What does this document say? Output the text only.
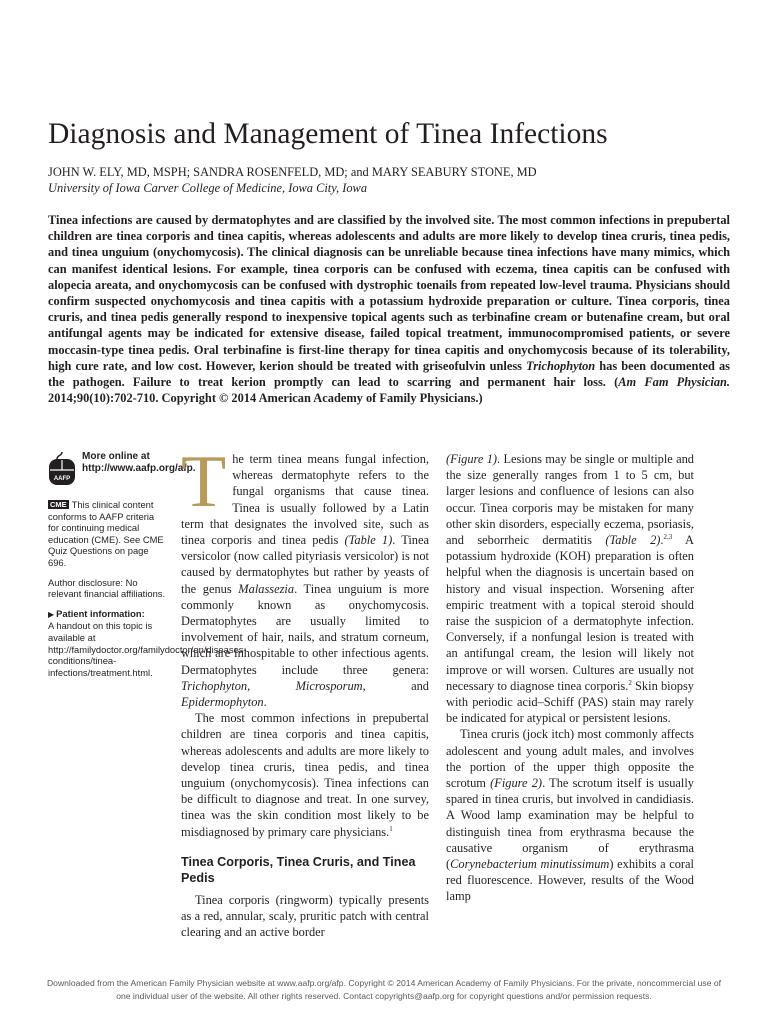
Diagnosis and Management of Tinea Infections
JOHN W. ELY, MD, MSPH; SANDRA ROSENFELD, MD; and MARY SEABURY STONE, MD
University of Iowa Carver College of Medicine, Iowa City, Iowa

Tinea infections are caused by dermatophytes and are classified by the involved site. The most common infections in prepubertal children are tinea corporis and tinea capitis, whereas adolescents and adults are more likely to develop tinea cruris, tinea pedis, and tinea unguium (onychomycosis). The clinical diagnosis can be unreliable because tinea infections have many mimics, which can manifest identical lesions. For example, tinea corporis can be confused with eczema, tinea capitis can be confused with alopecia areata, and onychomycosis can be confused with dystrophic toenails from repeated low-level trauma. Physicians should confirm suspected onychomycosis and tinea capitis with a potassium hydroxide preparation or culture. Tinea corporis, tinea cruris, and tinea pedis generally respond to inexpensive topical agents such as terbinafine cream or butenafine cream, but oral antifungal agents may be indicated for extensive disease, failed topical treatment, immunocompromised patients, or severe moccasin-type tinea pedis. Oral terbinafine is first-line therapy for tinea capitis and onychomycosis because of its tolerability, high cure rate, and low cost. However, kerion should be treated with griseofulvin unless Trichophyton has been documented as the pathogen. Failure to treat kerion promptly can lead to scarring and permanent hair loss. (Am Fam Physician. 2014;90(10):702-710. Copyright © 2014 American Academy of Family Physicians.)

AAFP
More online at http://www.aafp.org/afp.

CME This clinical content conforms to AAFP criteria for continuing medical education (CME). See CME Quiz Questions on page 696.

Author disclosure: No relevant financial affiliations.

▶ Patient information:
A handout on this topic is available at http://familydoctor.org/familydoctor/en/diseases-conditions/tinea-infections/treatment.html.

The term tinea means fungal infection, whereas dermatophyte refers to the fungal organisms that cause tinea. Tinea is usually followed by a Latin term that designates the involved site, such as tinea corporis and tinea pedis (Table 1). Tinea versicolor (now called pityriasis versicolor) is not caused by dermatophytes but rather by yeasts of the genus Malassezia. Tinea unguium is more commonly known as onychomycosis. Dermatophytes are usually limited to involvement of hair, nails, and stratum corneum, which are inhospitable to other infectious agents. Dermatophytes include three genera: Trichophyton, Microsporum, and Epidermophyton.

The most common infections in prepubertal children are tinea corporis and tinea capitis, whereas adolescents and adults are more likely to develop tinea cruris, tinea pedis, and tinea unguium (onychomycosis). Tinea infections can be difficult to diagnose and treat. In one survey, tinea was the skin condition most likely to be misdiagnosed by primary care physicians.$^1$

Tinea Corporis, Tinea Cruris, and Tinea Pedis

Tinea corporis (ringworm) typically presents as a red, annular, scaly, pruritic patch with central clearing and an active border

(Figure 1). Lesions may be single or multiple and the size generally ranges from 1 to 5 cm, but larger lesions and confluence of lesions can also occur. Tinea corporis may be mistaken for many other skin disorders, especially eczema, psoriasis, and seborrheic dermatitis (Table 2).$^{2,3}$ A potassium hydroxide (KOH) preparation is often helpful when the diagnosis is uncertain based on history and visual inspection. Worsening after empiric treatment with a topical steroid should raise the suspicion of a dermatophyte infection. Conversely, if a nonfungal lesion is treated with an antifungal cream, the lesion will likely not improve or will worsen. Cultures are usually not necessary to diagnose tinea corporis.$^2$ Skin biopsy with periodic acid–Schiff (PAS) stain may rarely be indicated for atypical or persistent lesions.

Tinea cruris (jock itch) most commonly affects adolescent and young adult males, and involves the portion of the upper thigh opposite the scrotum (Figure 2). The scrotum itself is usually spared in tinea cruris, but involved in candidiasis. A Wood lamp examination may be helpful to distinguish tinea from erythrasma because the causative organism of erythrasma (Corynebacterium minutissimum) exhibits a coral red fluorescence. However, results of the Wood lamp

Downloaded from the American Family Physician website at www.aafp.org/afp. Copyright © 2014 American Academy of Family Physicians. For the private, noncommercial use of one individual user of the website. All other rights reserved. Contact copyrights@aafp.org for copyright questions and/or permission requests.
